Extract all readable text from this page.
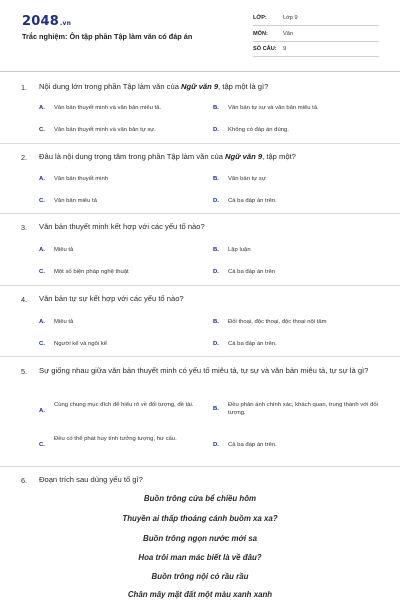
2048.vn
Trắc nghiệm: Ôn tập phần Tập làm văn có đáp án
LỚP:	Lớp 9
MÔN:	Văn
SỐ CÂU: 9
1. Nội dung lớn trong phần Tập làm văn của Ngữ văn 9, tập một là gì?
A. Văn bản thuyết minh và văn bản miêu tả.	B. Văn bản tự sự và văn bản miêu tả.
C. Văn bản thuyết minh và văn bản tự sự.	D. Không có đáp án đúng.
2. Đâu là nội dung trọng tâm trong phần Tập làm văn của Ngữ văn 9, tập một?
A. Văn bản thuyết minh	B. Văn bản tự sự
C. Văn bản miêu tả	D. Cả ba đáp án trên.
3. Văn bản thuyết minh kết hợp với các yếu tố nào?
A. Miêu tả	B. Lập luận
C. Một số biện pháp nghệ thuật	D. Cả ba đáp án trên
4. Văn bản tự sự kết hợp với các yếu tố nào?
A. Miêu tả	B. Đối thoại, độc thoại, độc thoại nội tâm
C. Người kể và ngôi kể	D. Cả ba đáp án trên.
5. Sự giống nhau giữa văn bản thuyết minh có yếu tố miêu tả, tự sự và văn bản miêu tả, tự sự là gì?
A.
Cùng chung mục đích để hiểu rõ về đối tượng, đề tài.
B.
Đều phản ánh chính xác, khách quan, trung thành với đối tượng.
C.
Đều có thể phát huy tính tưởng tượng, hư cấu.
D. Cả ba đáp án trên.
6. Đoạn trích sau dùng yếu tố gì?
Buồn trông cửa bể chiều hôm
Thuyền ai thấp thoáng cánh buồm xa xa?
Buồn trông ngọn nước mới sa
Hoa trôi man mác biết là về đâu?
Buồn trông nội cỏ rầu rầu
Chân mây mặt đất một màu xanh xanh
